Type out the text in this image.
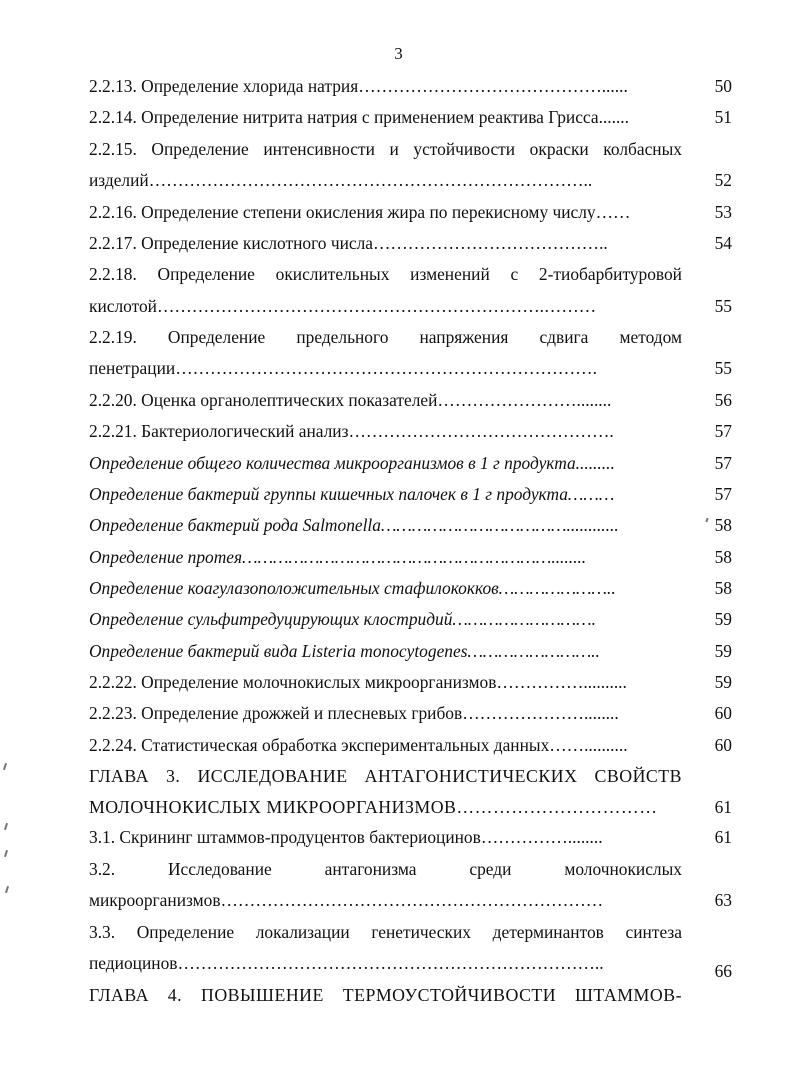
3
2.2.13. Определение хлорида натрия……………………………………......	50
2.2.14. Определение нитрита натрия с применением реактива Грисса.......	51
2.2.15. Определение интенсивности и устойчивости окраски колбасных
изделий…………………………………………………………………..	52
2.2.16. Определение степени окисления жира по перекисному числу……	53
2.2.17. Определение кислотного числа…………………………………..	54
2.2.18. Определение окислительных изменений с 2-тиобарбитуровой
кислотой………………………………………………………….………	55
2.2.19. Определение предельного напряжения сдвига методом
пенетрации……………………………………………………………….	55
2.2.20. Оценка органолептических показателей……………………........	56
2.2.21. Бактериологический анализ……………………………………….	57
Определение общего количества микроорганизмов в 1 г продукта.........	57
Определение бактерий группы кишечных палочек в 1 г продукта………	57
Определение бактерий рода Salmonella………………………………............	58
Определение протея……………………………………………………........	58
Определение коагулазоположительных стафилококков…………………..	58
Определение сульфитредуцирующих клостридий……………………….	59
Определение бактерий вида Listeria monocytogenes……………………..	59
2.2.22. Определение молочнокислых микроорганизмов……………..........	59
2.2.23. Определение дрожжей и плесневых грибов…………………........	60
2.2.24. Статистическая обработка экспериментальных данных……..........	60
ГЛАВА 3. ИССЛЕДОВАНИЕ АНТАГОНИСТИЧЕСКИХ СВОЙСТВ
МОЛОЧНОКИСЛЫХ МИКРООРГАНИЗМОВ……………………………	61
3.1. Скрининг штаммов-продуцентов бактериоцинов……………........	61
3.2. Исследование антагонизма среди молочнокислых
микроорганизмов…………………………………………………………	63
3.3. Определение локализации генетических детерминантов синтеза
педиоцинов………………………………………………………………..	66
ГЛАВА 4. ПОВЫШЕНИЕ ТЕРМОУСТОЙЧИВОСТИ ШТАММОВ-
